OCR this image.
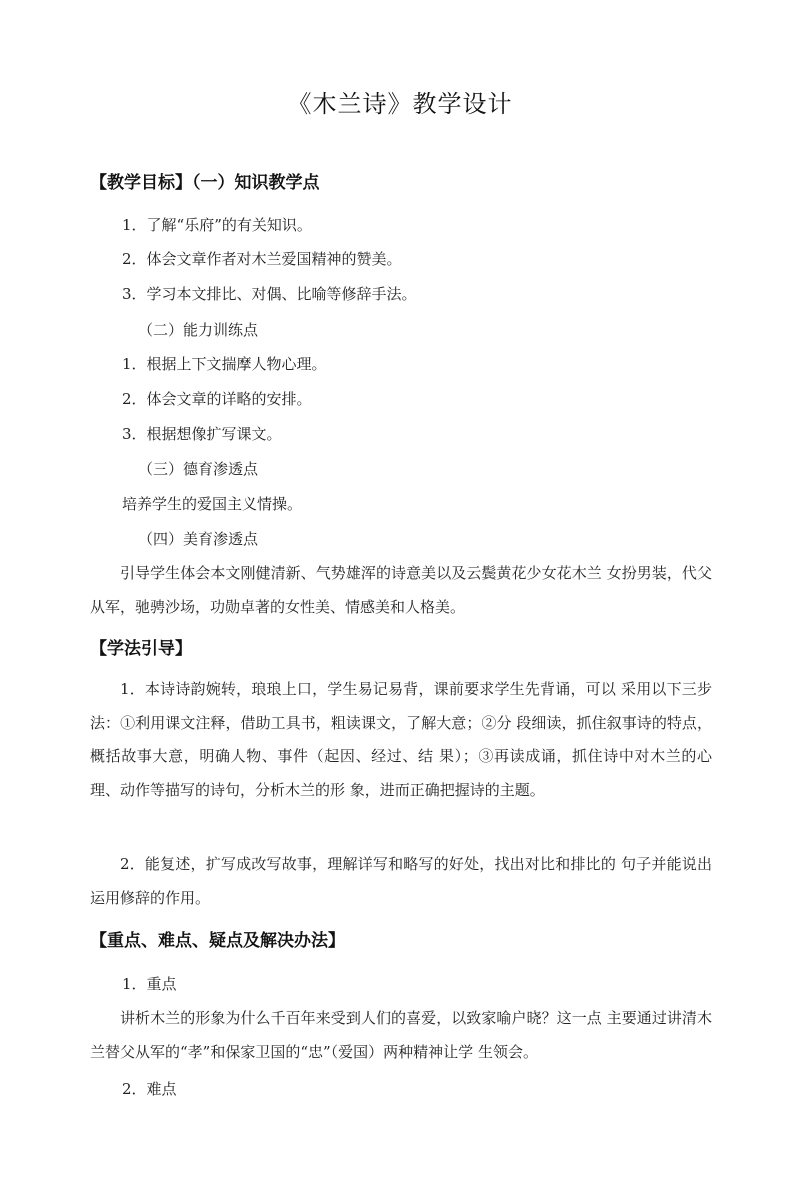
《木兰诗》教学设计
【教学目标】（一）知识教学点
1．了解“乐府”的有关知识。
2．体会文章作者对木兰爱国精神的赞美。
3．学习本文排比、对偶、比喻等修辞手法。
（二）能力训练点
1．根据上下文揣摩人物心理。
2．体会文章的详略的安排。
3．根据想像扩写课文。
（三）德育渗透点
培养学生的爱国主义情操。
（四）美育渗透点
引导学生体会本文刚健清新、气势雄浑的诗意美以及云鬓黄花少女花木兰 女扮男装，代父从军，驰骋沙场，功勋卓著的女性美、情感美和人格美。
【学法引导】
1．本诗诗韵婉转，琅琅上口，学生易记易背，课前要求学生先背诵，可以 采用以下三步法：①利用课文注释，借助工具书，粗读课文，了解大意；②分 段细读，抓住叙事诗的特点，概括故事大意，明确人物、事件（起因、经过、结 果）；③再读成诵，抓住诗中对木兰的心理、动作等描写的诗句，分析木兰的形 象，进而正确把握诗的主题。
2．能复述，扩写成改写故事，理解详写和略写的好处，找出对比和排比的 句子并能说出运用修辞的作用。
【重点、难点、疑点及解决办法】
1．重点
讲析木兰的形象为什么千百年来受到人们的喜爱，以致家喻户晓？这一点 主要通过讲清木兰替父从军的“孝”和保家卫国的“忠”（爱国）两种精神让学 生领会。
2．难点
